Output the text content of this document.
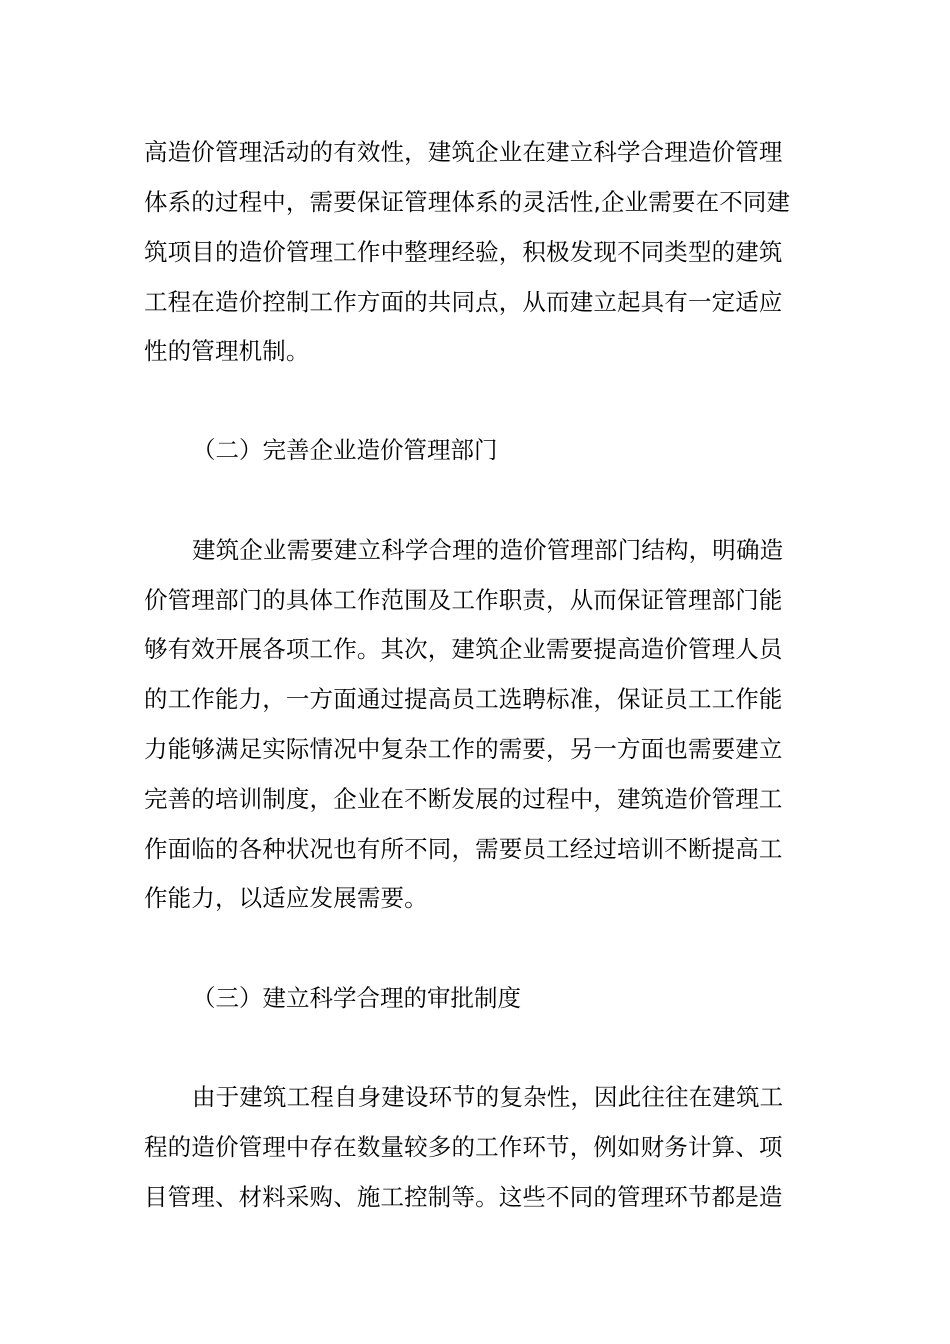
高造价管理活动的有效性，建筑企业在建立科学合理造价管理
体系的过程中，需要保证管理体系的灵活性,企业需要在不同建
筑项目的造价管理工作中整理经验，积极发现不同类型的建筑
工程在造价控制工作方面的共同点，从而建立起具有一定适应
性的管理机制。
（二）完善企业造价管理部门
建筑企业需要建立科学合理的造价管理部门结构，明确造
价管理部门的具体工作范围及工作职责，从而保证管理部门能
够有效开展各项工作。其次，建筑企业需要提高造价管理人员
的工作能力，一方面通过提高员工选聘标准，保证员工工作能
力能够满足实际情况中复杂工作的需要，另一方面也需要建立
完善的培训制度，企业在不断发展的过程中，建筑造价管理工
作面临的各种状况也有所不同，需要员工经过培训不断提高工
作能力，以适应发展需要。
（三）建立科学合理的审批制度
由于建筑工程自身建设环节的复杂性，因此往往在建筑工
程的造价管理中存在数量较多的工作环节，例如财务计算、项
目管理、材料采购、施工控制等。这些不同的管理环节都是造
